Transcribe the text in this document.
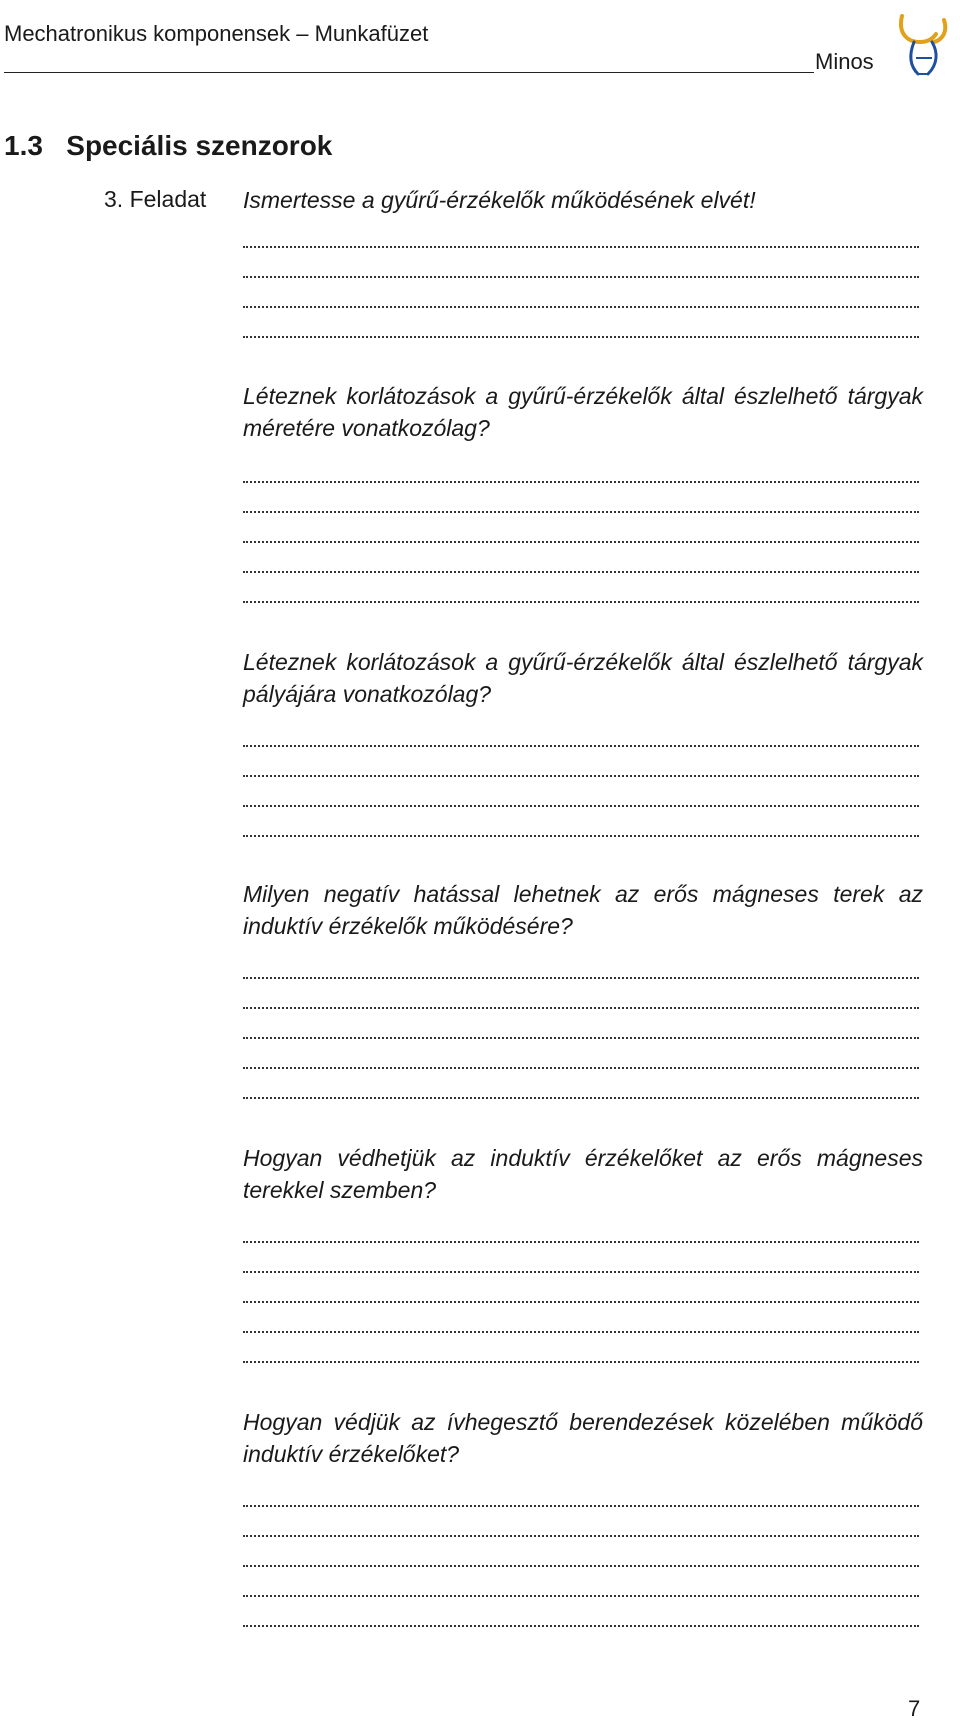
Mechatronikus komponensek – Munkafüzet
Minos
1.3   Speciális szenzorok
3. Feladat Ismertesse a gyűrű-érzékelők működésének elvét!
Léteznek korlátozások a gyűrű-érzékelők által észlelhető tárgyak méretére vonatkozólag?
Léteznek korlátozások a gyűrű-érzékelők által észlelhető tárgyak pályájára vonatkozólag?
Milyen negatív hatással lehetnek az erős mágneses terek az induktív érzékelők működésére?
Hogyan védhetjük az induktív érzékelőket az erős mágneses terekkel szemben?
Hogyan védjük az ívhegesztő berendezések közelében működő induktív érzékelőket?
7
